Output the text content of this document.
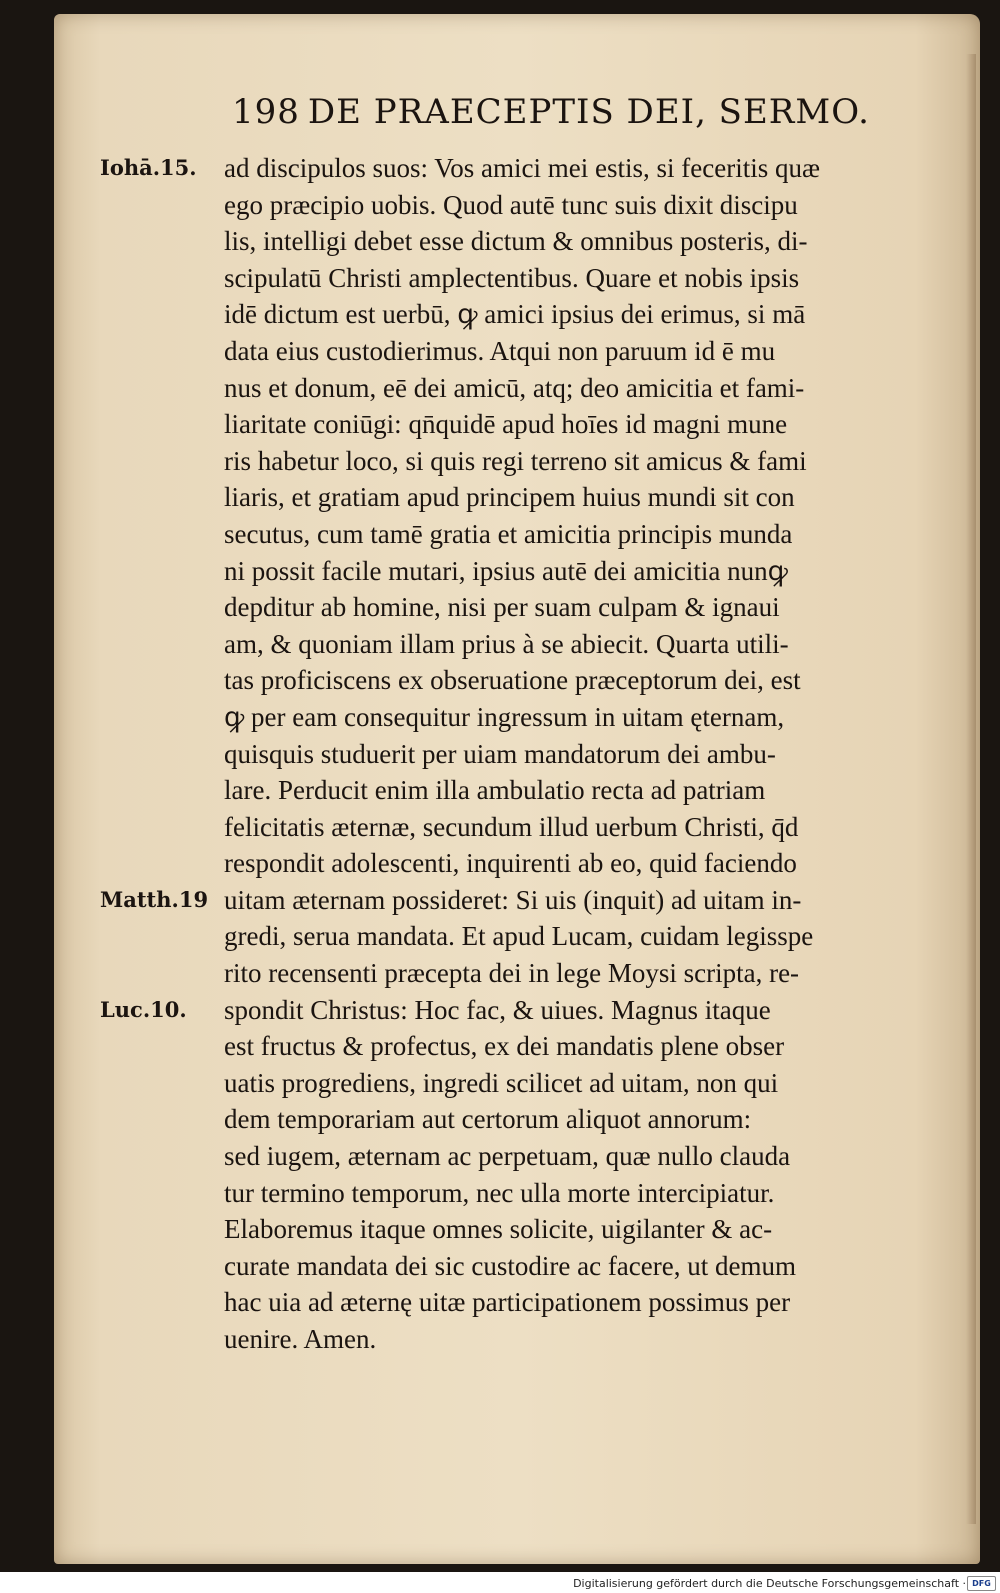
198 DE PRAECEPTIS DEI, SERMO.
Iohā.15.
Matth.19
Luc.10.
ad discipulos suos: Vos amici mei estis, si feceritis quæ
ego præcipio uobis. Quod autē tunc suis dixit discipu
lis, intelligi debet esse dictum & omnibus posteris, di-
scipulatū Christi amplectentibus. Quare et nobis ipsis
idē dictum est uerbū, ꝙ amici ipsius dei erimus, si mā
data eius custodierimus. Atqui non paruum id ē mu
nus et donum, eē dei amicū, atq; deo amicitia et fami-
liaritate coniūgi: qn̄quidē apud hoīes id magni mune
ris habetur loco, si quis regi terreno sit amicus & fami
liaris, et gratiam apud principem huius mundi sit con
secutus, cum tamē gratia et amicitia principis munda
ni possit facile mutari, ipsius autē dei amicitia nunꝙ
depditur ab homine, nisi per suam culpam & ignaui
am, & quoniam illam prius à se abiecit. Quarta utili-
tas proficiscens ex obseruatione præceptorum dei, est
ꝙ per eam consequitur ingressum in uitam ęternam,
quisquis studuerit per uiam mandatorum dei ambu-
lare. Perducit enim illa ambulatio recta ad patriam
felicitatis æternæ, secundum illud uerbum Christi, q̄d
respondit adolescenti, inquirenti ab eo, quid faciendo
uitam æternam possideret: Si uis (inquit) ad uitam in-
gredi, serua mandata. Et apud Lucam, cuidam legisspe
rito recensenti præcepta dei in lege Moysi scripta, re-
spondit Christus: Hoc fac, & uiues. Magnus itaque
est fructus & profectus, ex dei mandatis plene obser
uatis progrediens, ingredi scilicet ad uitam, non qui
dem temporariam aut certorum aliquot annorum:
sed iugem, æternam ac perpetuam, quæ nullo clauda
tur termino temporum, nec ulla morte intercipiatur.
Elaboremus itaque omnes solicite, uigilanter & ac-
curate mandata dei sic custodire ac facere, ut demum
hac uia ad æternę uitæ participationem possimus per
uenire. Amen.
Digitalisierung gefördert durch die Deutsche Forschungsgemeinschaft · DFG
